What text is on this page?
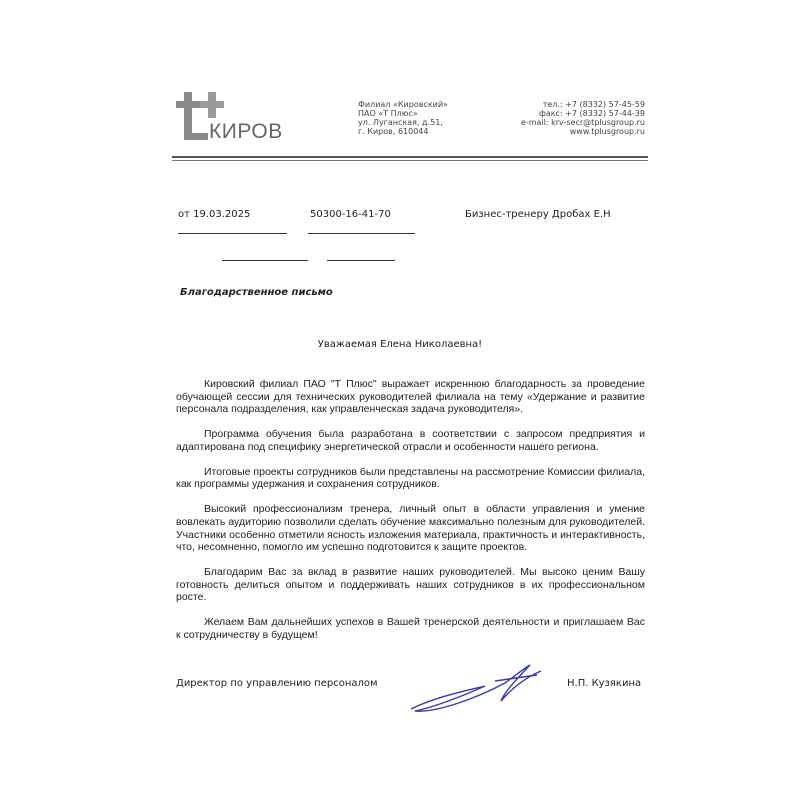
КИРОВ
Филиал «Кировский»
ПАО «Т Плюс»
ул. Луганская, д.51,
г. Киров, 610044
тел.: +7 (8332) 57-45-59
факс: +7 (8332) 57-44-39
e-mail: krv-secr@tplusgroup.ru
www.tplusgroup.ru
от 19.03.2025	50300-16-41-70	Бизнес-тренеру Дробах Е.Н
Благодарственное письмо
Уважаемая Елена Николаевна!

Кировский филиал ПАО "Т Плюс" выражает искреннюю благодарность за проведение обучающей сессии для технических руководителей филиала на тему «Удержание и развитие персонала подразделения, как управленческая задача руководителя».

Программа обучения была разработана в соответствии с запросом предприятия и адаптирована под специфику энергетической отрасли и особенности нашего региона.

Итоговые проекты сотрудников были представлены на рассмотрение Комиссии филиала, как программы удержания и сохранения сотрудников.

Высокий профессионализм тренера, личный опыт в области управления и умение вовлекать аудиторию позволили сделать обучение максимально полезным для руководителей. Участники особенно отметили ясность изложения материала, практичность и интерактивность, что, несомненно, помогло им успешно подготовится к защите проектов.

Благодарим Вас за вклад в развитие наших руководителей. Мы высоко ценим Вашу готовность делиться опытом и поддерживать наших сотрудников в их профессиональном росте.

Желаем Вам дальнейших успехов в Вашей тренерской деятельности и приглашаем Вас к сотрудничеству в будущем!

Директор по управлению персоналом	Н.П. Кузякина
